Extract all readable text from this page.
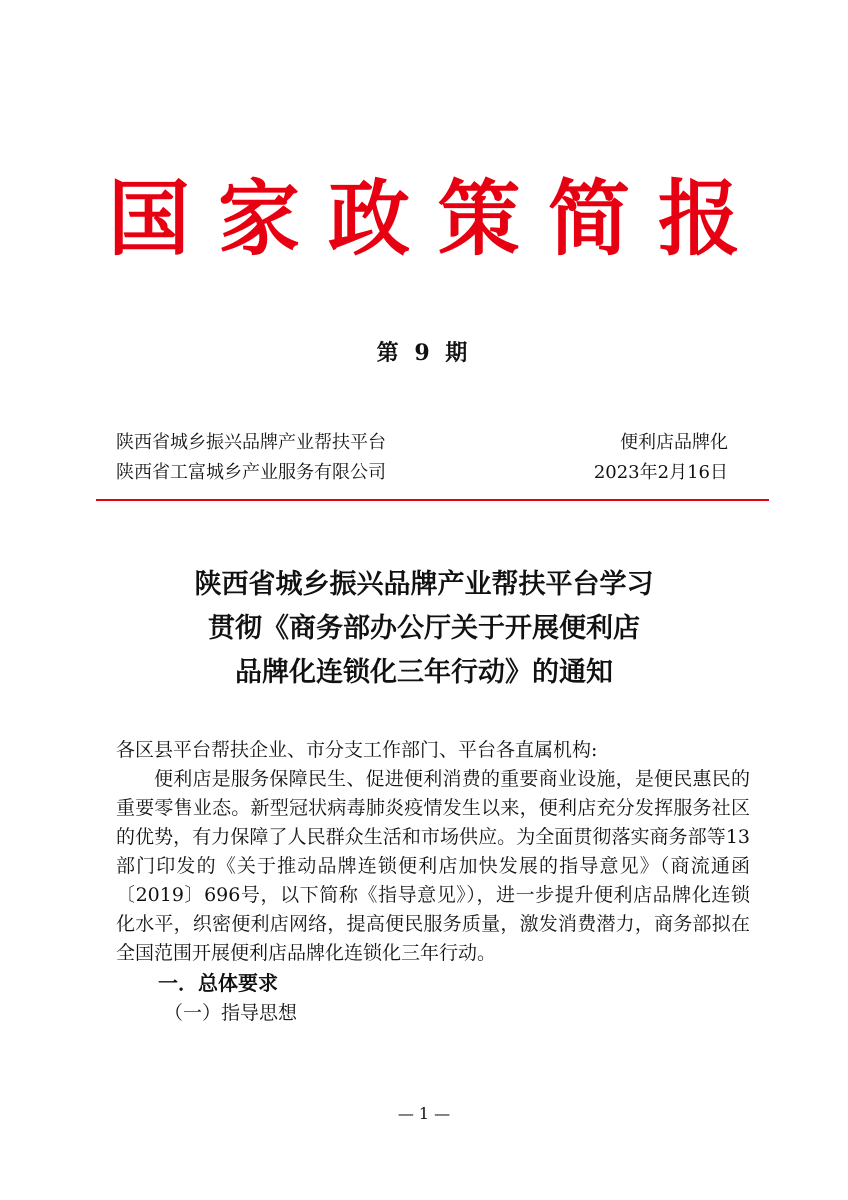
国家政策简报
第 9 期
陕西省城乡振兴品牌产业帮扶平台
陕西省工富城乡产业服务有限公司
便利店品牌化
2023年2月16日
陕西省城乡振兴品牌产业帮扶平台学习
贯彻《商务部办公厅关于开展便利店
品牌化连锁化三年行动》的通知

各区县平台帮扶企业、市分支工作部门、平台各直属机构:

便利店是服务保障民生、促进便利消费的重要商业设施，是便民惠民的重要零售业态。新型冠状病毒肺炎疫情发生以来，便利店充分发挥服务社区的优势，有力保障了人民群众生活和市场供应。为全面贯彻落实商务部等13部门印发的《关于推动品牌连锁便利店加快发展的指导意见》（商流通函〔2019〕696号，以下简称《指导意见》），进一步提升便利店品牌化连锁化水平，织密便利店网络，提高便民服务质量，激发消费潜力，商务部拟在全国范围开展便利店品牌化连锁化三年行动。

一．总体要求

（一）指导思想

— 1 —
